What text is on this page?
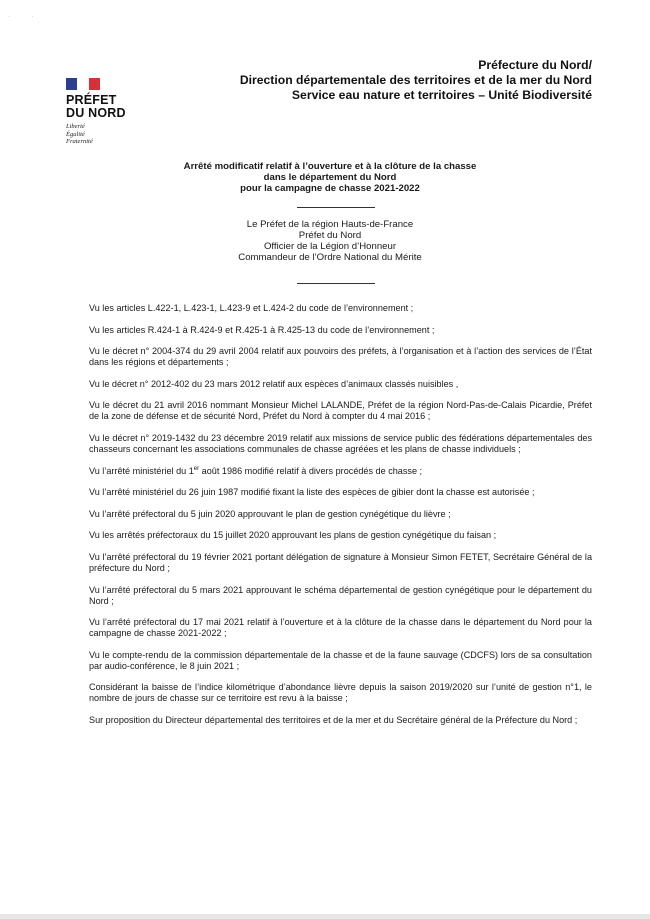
· ·
PRÉFET
DU NORD
Liberté
Égalité
Fraternité
Préfecture du Nord/
Direction départementale des territoires et de la mer du Nord
Service eau nature et territoires – Unité Biodiversité
Arrêté modificatif relatif à l’ouverture et à la clôture de la chasse
dans le département du Nord
pour la campagne de chasse 2021-2022
Le Préfet de la région Hauts-de-France
Préfet du Nord
Officier de la Légion d’Honneur
Commandeur de l’Ordre National du Mérite

Vu les articles L.422-1, L.423-1, L.423-9 et L.424-2 du code de l’environnement ;

Vu les articles R.424-1 à R.424-9 et R.425-1 à R.425-13 du code de l’environnement ;

Vu le décret n° 2004-374 du 29 avril 2004 relatif aux pouvoirs des préfets, à l’organisation et à l’action des services de l’État dans les régions et départements ;

Vu le décret n° 2012-402 du 23 mars 2012 relatif aux espèces d’animaux classés nuisibles ,

Vu le décret du 21 avril 2016 nommant Monsieur Michel LALANDE, Préfet de la région Nord-Pas-de-Calais Picardie, Préfet de la zone de défense et de sécurité Nord, Préfet du Nord à compter du 4 mai 2016 ;

Vu le décret n° 2019-1432 du 23 décembre 2019 relatif aux missions de service public des fédérations départementales des chasseurs concernant les associations communales de chasse agréées et les plans de chasse individuels ;

Vu l’arrêté ministériel du 1er août 1986 modifié relatif à divers procédés de chasse ;

Vu l’arrêté ministériel du 26 juin 1987 modifié fixant la liste des espèces de gibier dont la chasse est autorisée ;

Vu l’arrêté préfectoral du 5 juin 2020 approuvant le plan de gestion cynégétique du lièvre ;

Vu les arrêtés préfectoraux du 15 juillet 2020 approuvant les plans de gestion cynégétique du faisan ;

Vu l’arrêté préfectoral du 19 février 2021 portant délégation de signature à Monsieur Simon FETET, Secrétaire Général de la préfecture du Nord ;

Vu l’arrêté préfectoral du 5 mars 2021 approuvant le schéma départemental de gestion cynégétique pour le département du Nord ;

Vu l’arrêté préfectoral du 17 mai 2021 relatif à l’ouverture et à la clôture de la chasse dans le département du Nord pour la campagne de chasse 2021-2022 ;

Vu le compte-rendu de la commission départementale de la chasse et de la faune sauvage (CDCFS) lors de sa consultation par audio-conférence, le 8 juin 2021 ;

Considérant la baisse de l’indice kilométrique d’abondance lièvre depuis la saison 2019/2020 sur l’unité de gestion n°1, le nombre de jours de chasse sur ce territoire est revu à la baisse ;

Sur proposition du Directeur départemental des territoires et de la mer et du Secrétaire général de la Préfecture du Nord ;
